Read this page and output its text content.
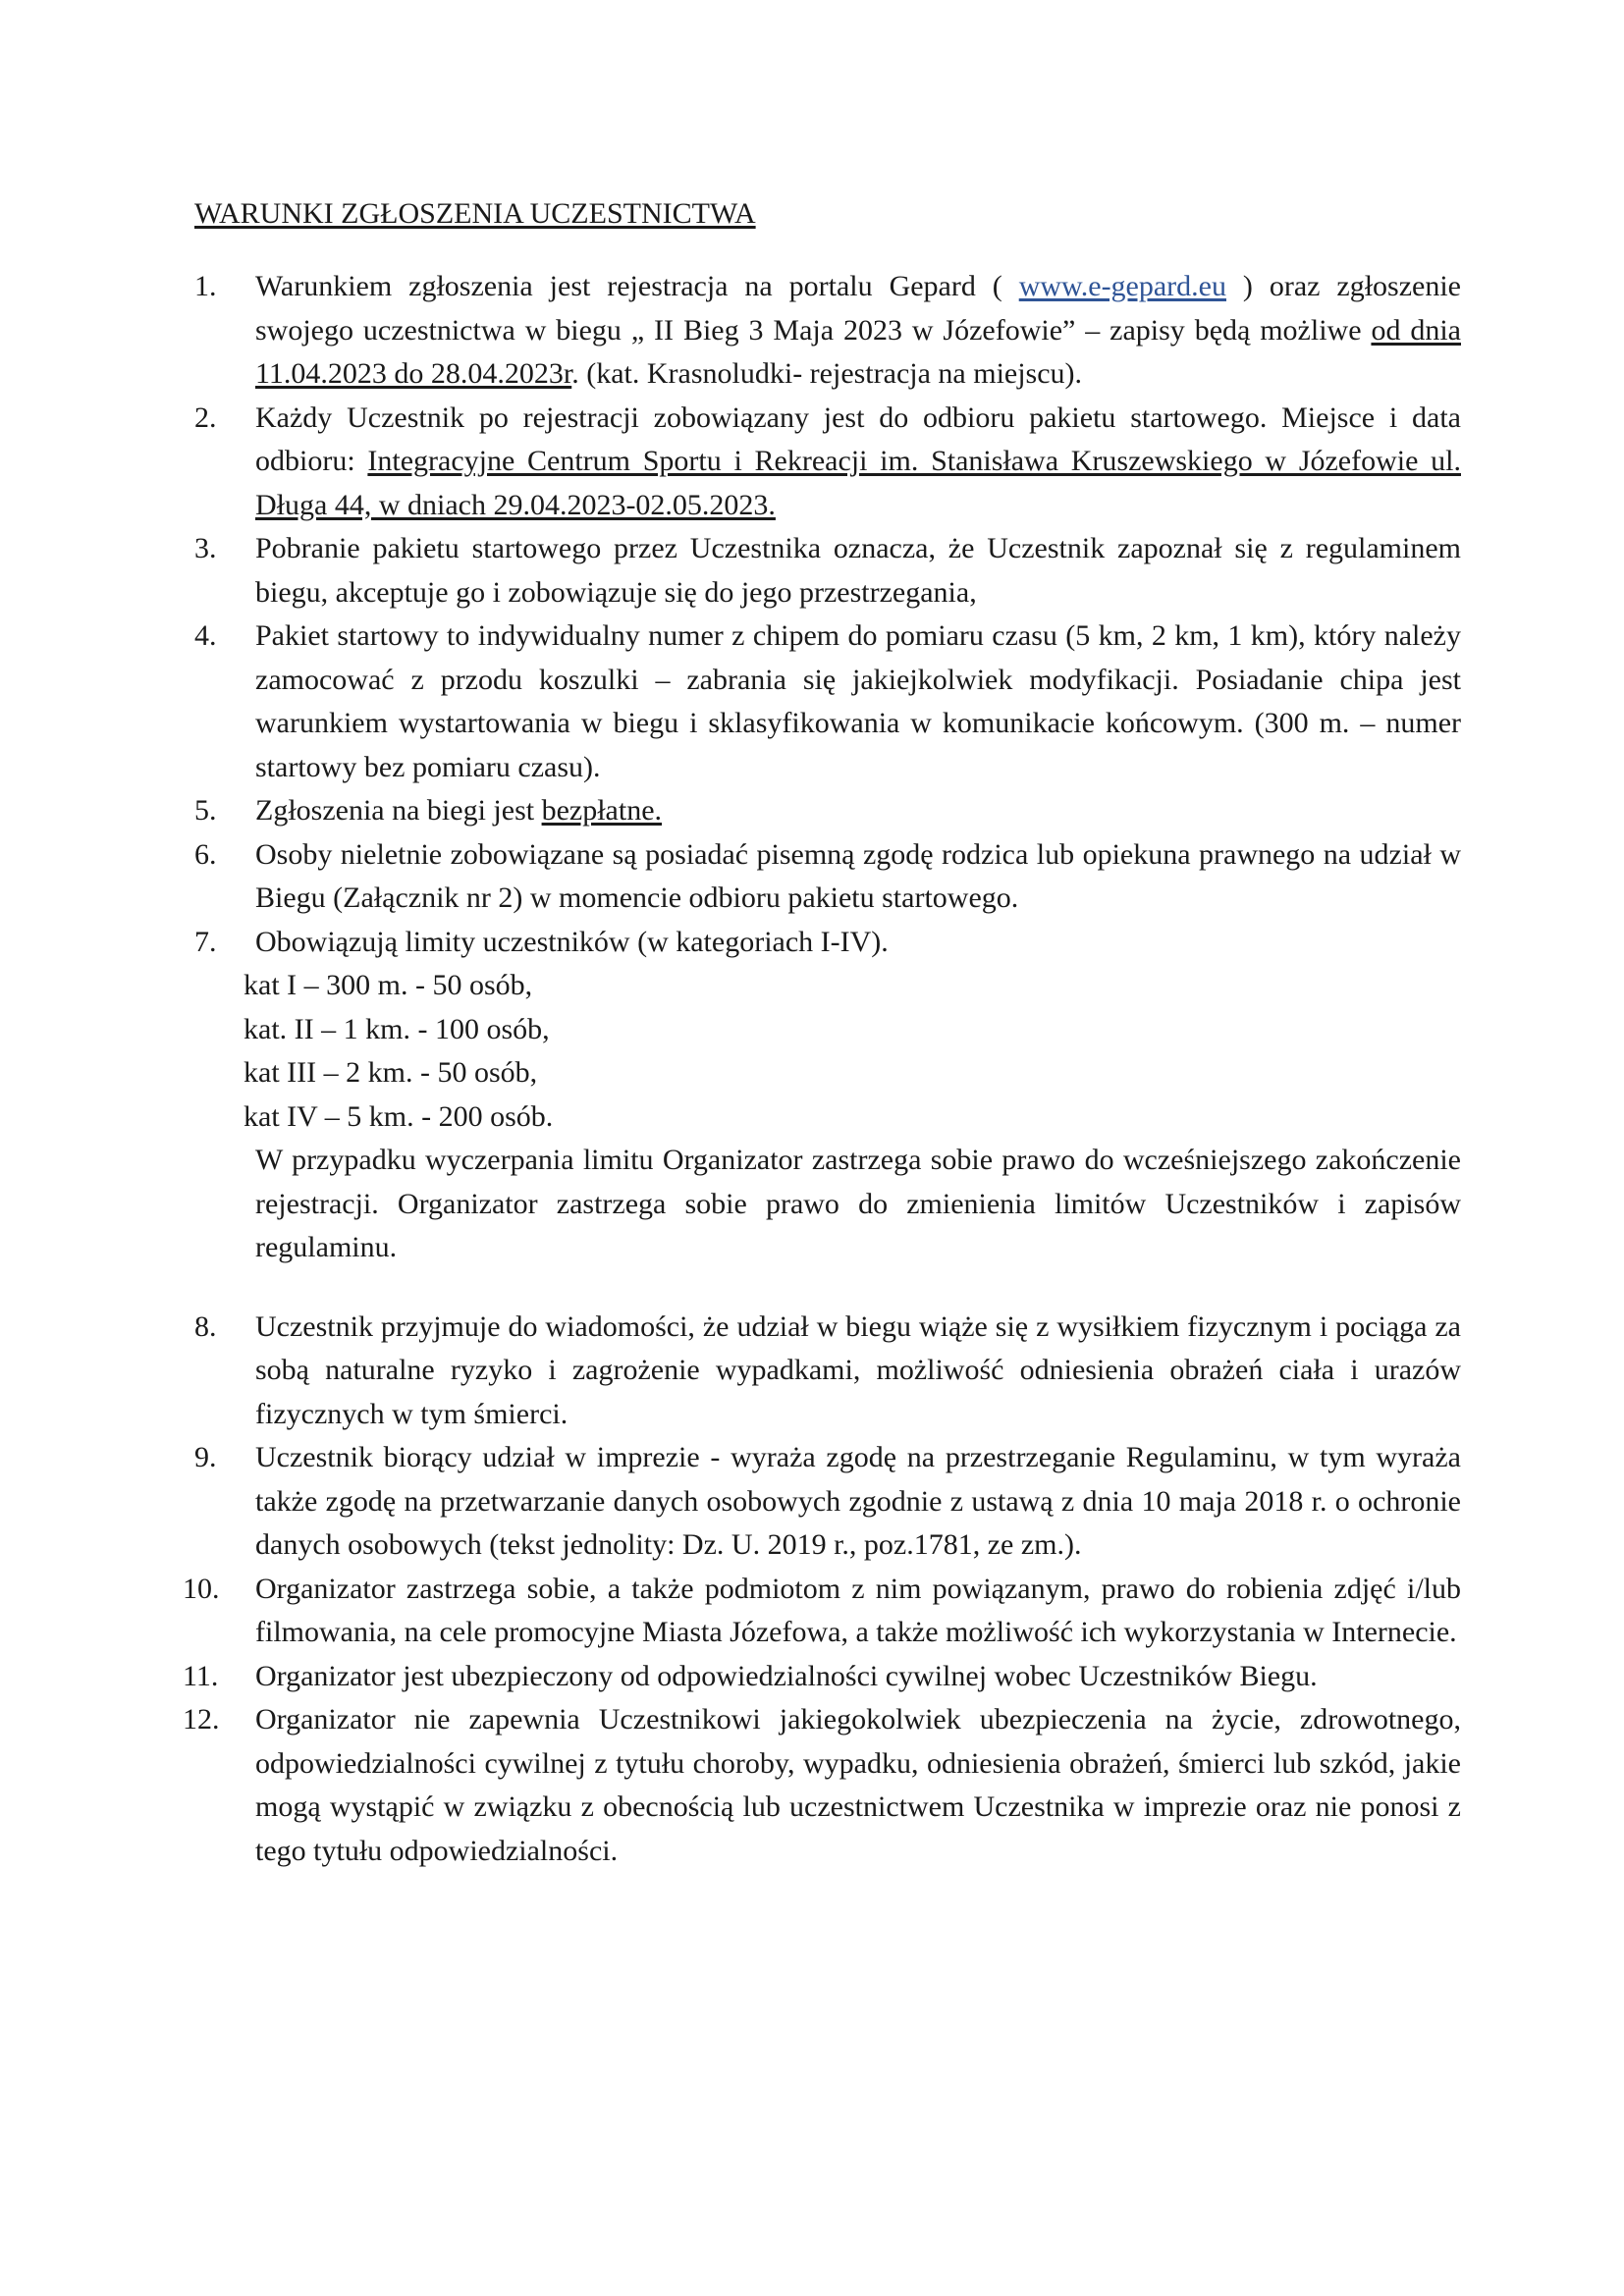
WARUNKI ZGŁOSZENIA UCZESTNICTWA
1.	Warunkiem zgłoszenia jest rejestracja na portalu Gepard ( www.e-gepard.eu ) oraz zgłoszenie swojego uczestnictwa w biegu „ II Bieg 3 Maja 2023 w Józefowie” – zapisy będą możliwe od dnia 11.04.2023 do 28.04.2023r. (kat. Krasnoludki- rejestracja na miejscu).
2.	Każdy Uczestnik po rejestracji zobowiązany jest do odbioru pakietu startowego. Miejsce i data odbioru: Integracyjne Centrum Sportu i Rekreacji im. Stanisława Kruszewskiego w Józefowie ul. Długa 44, w dniach 29.04.2023-02.05.2023.
3.	Pobranie pakietu startowego przez Uczestnika oznacza, że Uczestnik zapoznał się z regulaminem biegu, akceptuje go i zobowiązuje się do jego przestrzegania,
4.	Pakiet startowy to indywidualny numer z chipem do pomiaru czasu (5 km, 2 km, 1 km), który należy zamocować z przodu koszulki – zabrania się jakiejkolwiek modyfikacji. Posiadanie chipa jest warunkiem wystartowania w biegu i sklasyfikowania w komunikacie końcowym. (300 m. – numer startowy bez pomiaru czasu).
5.	Zgłoszenia na biegi jest bezpłatne.
6.	Osoby nieletnie zobowiązane są posiadać pisemną zgodę rodzica lub opiekuna prawnego na udział w Biegu (Załącznik nr 2) w momencie odbioru pakietu startowego.
7.	Obowiązują limity uczestników (w kategoriach I-IV).
kat I – 300 m. - 50 osób,
kat. II – 1 km. - 100 osób,
kat III – 2 km. - 50 osób,
kat IV – 5 km. - 200 osób.
W przypadku wyczerpania limitu Organizator zastrzega sobie prawo do wcześniejszego zakończenie rejestracji. Organizator zastrzega sobie prawo do zmienienia limitów Uczestników i zapisów regulaminu.
8.	Uczestnik przyjmuje do wiadomości, że udział w biegu wiąże się z wysiłkiem fizycznym i pociąga za sobą naturalne ryzyko i zagrożenie wypadkami, możliwość odniesienia obrażeń ciała i urazów fizycznych w tym śmierci.
9.	Uczestnik biorący udział w imprezie - wyraża zgodę na przestrzeganie Regulaminu, w tym wyraża także zgodę na przetwarzanie danych osobowych zgodnie z ustawą z dnia 10 maja 2018 r. o ochronie danych osobowych (tekst jednolity: Dz. U. 2019 r., poz.1781, ze zm.).
10.	Organizator zastrzega sobie, a także podmiotom z nim powiązanym, prawo do robienia zdjęć i/lub filmowania, na cele promocyjne Miasta Józefowa, a także możliwość ich wykorzystania w Internecie.
11.	Organizator jest ubezpieczony od odpowiedzialności cywilnej wobec Uczestników Biegu.
12.	Organizator nie zapewnia Uczestnikowi jakiegokolwiek ubezpieczenia na życie, zdrowotnego, odpowiedzialności cywilnej z tytułu choroby, wypadku, odniesienia obrażeń, śmierci lub szkód, jakie mogą wystąpić w związku z obecnością lub uczestnictwem Uczestnika w imprezie oraz nie ponosi z tego tytułu odpowiedzialności.
